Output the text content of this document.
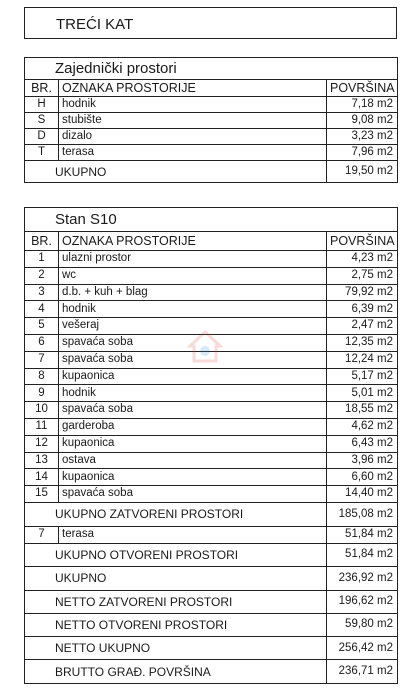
TREĆI KAT
Zajednički prostori		
BR.	OZNAKA PROSTORIJE	POVRŠINA
H	hodnik	7,18 m2
S	stubište	9,08 m2
D	dizalo	3,23 m2
T	terasa	7,96 m2
UKUPNO		19,50 m2
Stan S10		
BR.	OZNAKA PROSTORIJE	POVRŠINA
1	ulazni prostor	4,23 m2
2	wc	2,75 m2
3	d.b. + kuh + blag	79,92 m2
4	hodnik	6,39 m2
5	vešeraj	2,47 m2
6	spavaća soba	12,35 m2
7	spavaća soba	12,24 m2
8	kupaonica	5,17 m2
9	hodnik	5,01 m2
10	spavaća soba	18,55 m2
11	garderoba	4,62 m2
12	kupaonica	6,43 m2
13	ostava	3,96 m2
14	kupaonica	6,60 m2
15	spavaća soba	14,40 m2
UKUPNO ZATVORENI PROSTORI		185,08 m2
7	terasa	51,84 m2
UKUPNO OTVORENI PROSTORI		51,84 m2
UKUPNO		236,92 m2
NETTO ZATVORENI PROSTORI		196,62 m2
NETTO OTVORENI PROSTORI		59,80 m2
NETTO UKUPNO		256,42 m2
BRUTTO GRAĐ. POVRŠINA		236,71 m2
